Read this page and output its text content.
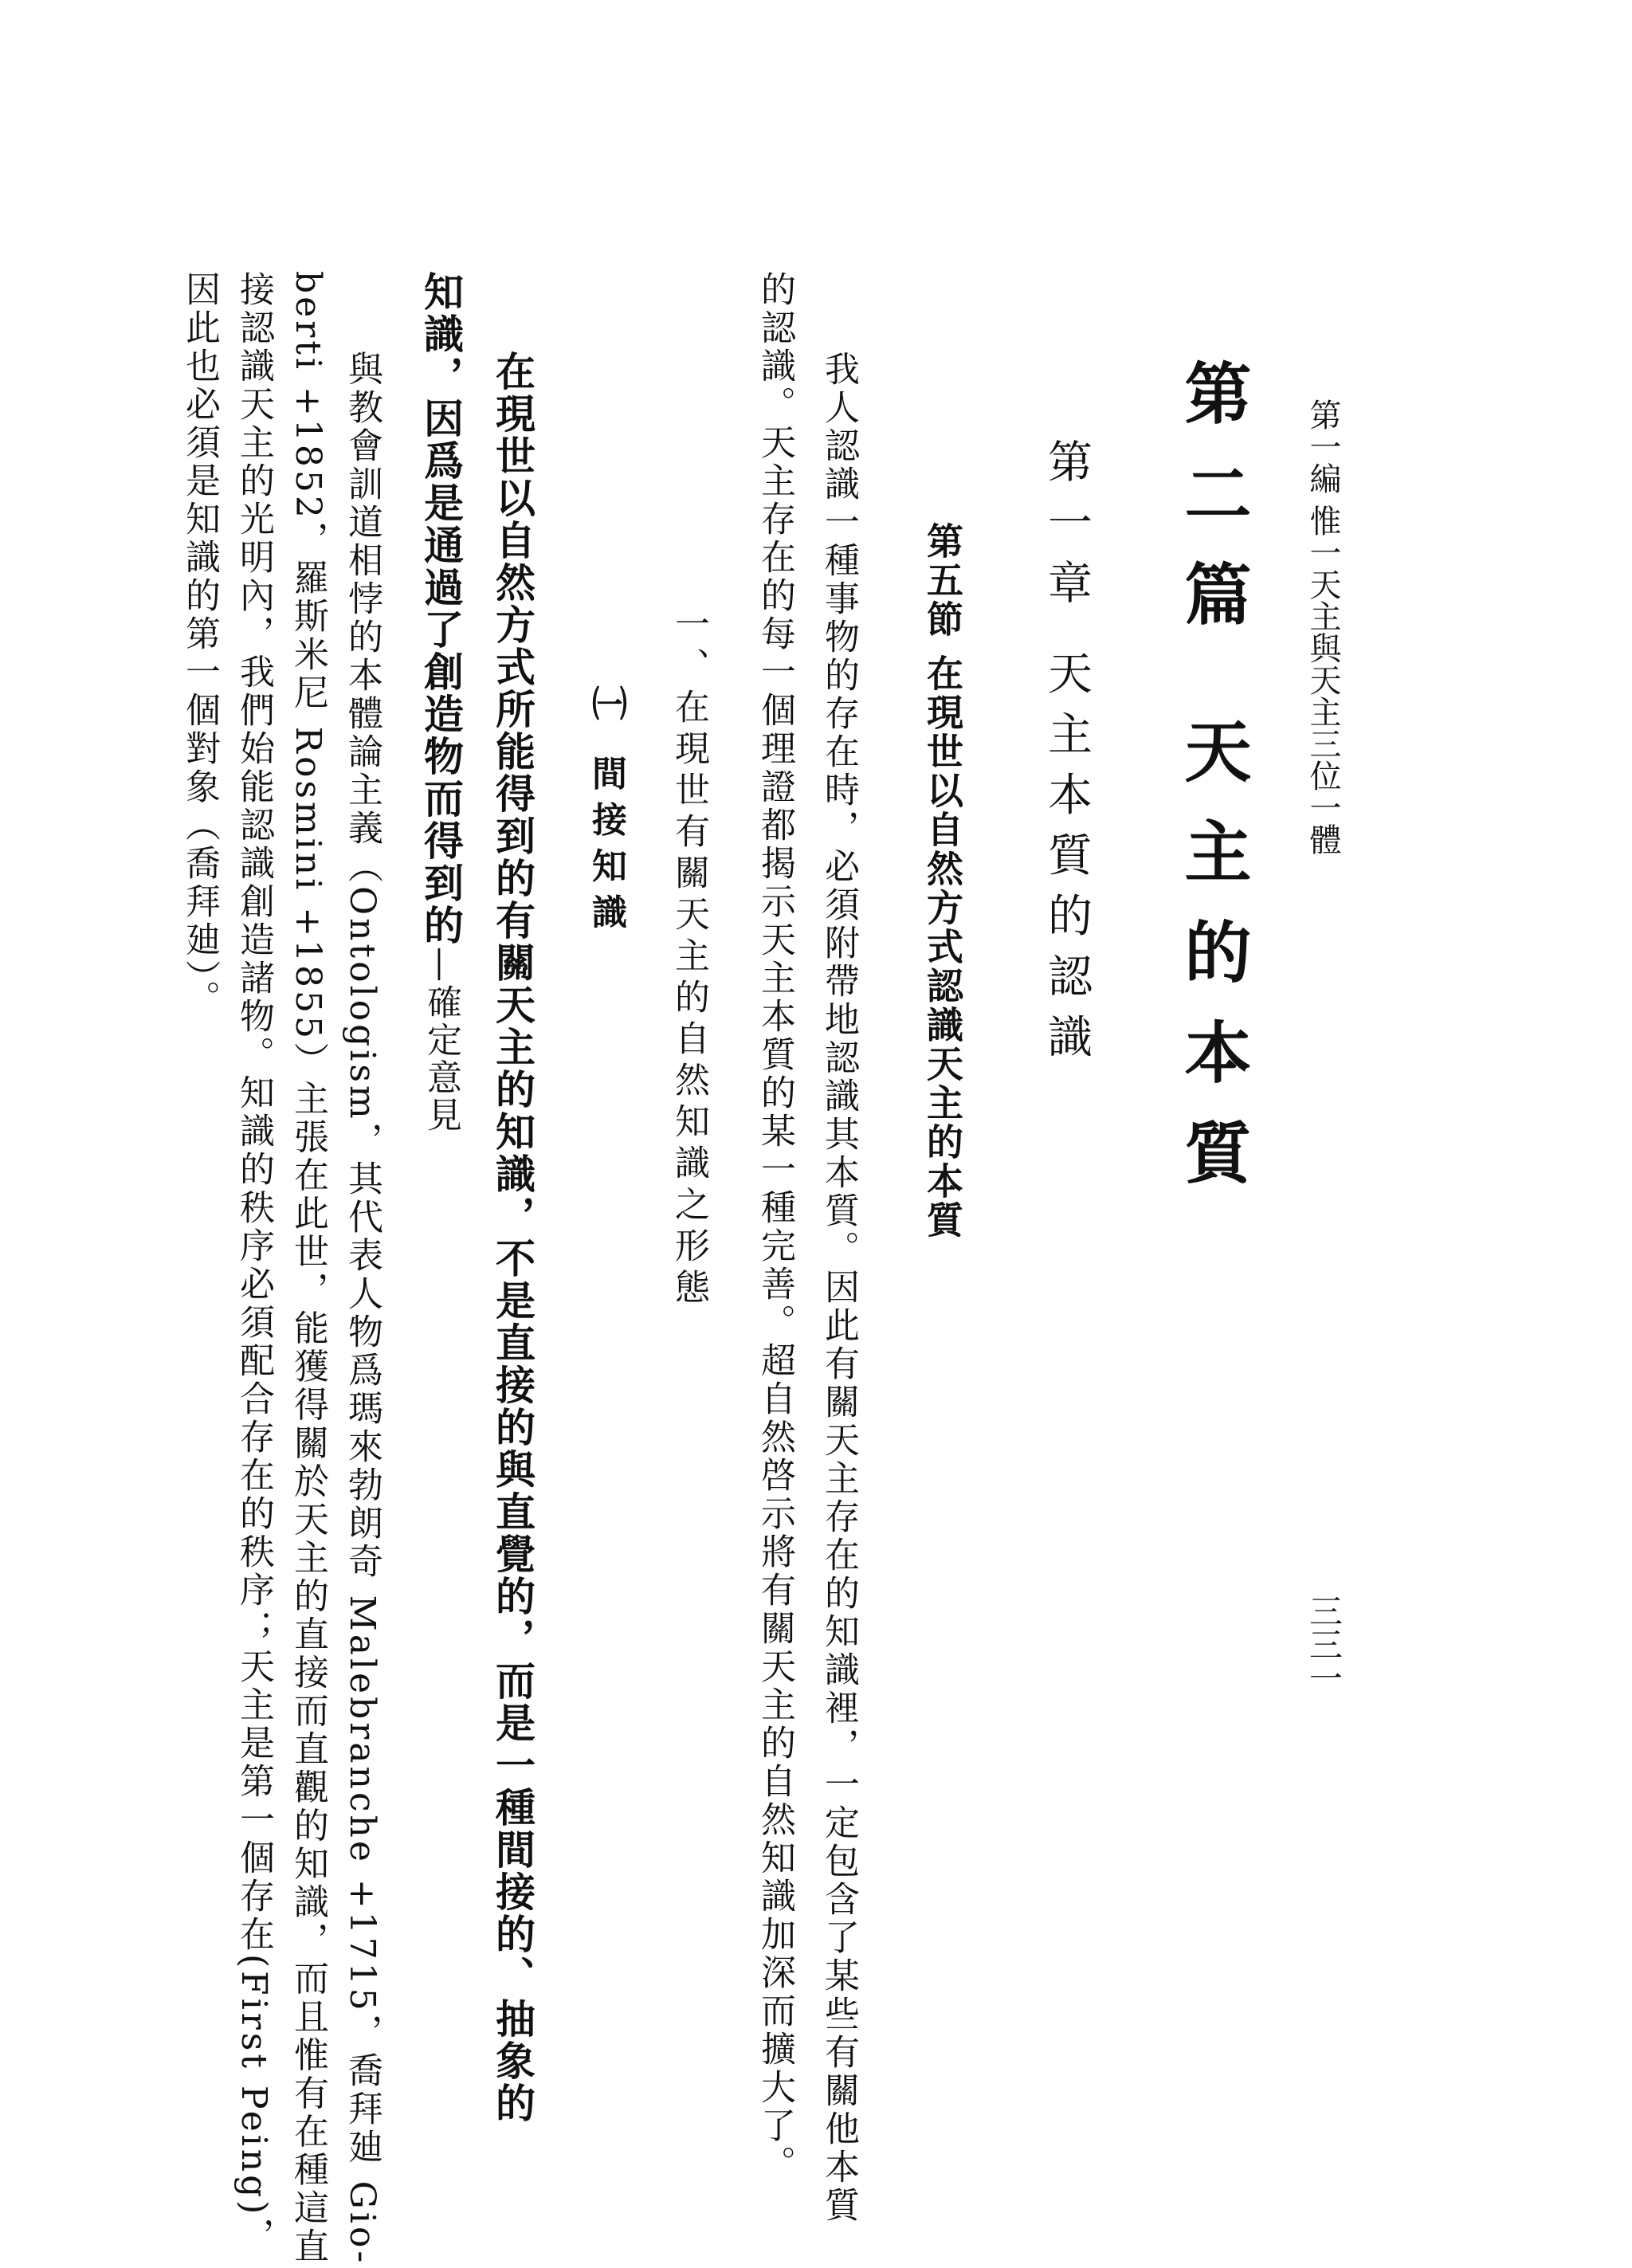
第一編 惟一天主與天主三位一體
三三一
第二篇 天主的本質
第一章 天主本質的認識
第五節 在現世以自然方式認識天主的本質
我人認識一種事物的存在時，必須附帶地認識其本質。因此有關天主存在的知識裡，一定包含了某些有關他本質
的認識。天主存在的每一個理證都揭示天主本質的某一種完善。超自然啓示將有關天主的自然知識加深而擴大了。
一、在現世有關天主的自然知識之形態
㈠ 間接知識
在現世以自然方式所能得到的有關天主的知識，不是直接的與直覺的，而是一種間接的、抽象的
知識，因爲是通過了創造物而得到的—確定意見
與教會訓道相悖的本體論主義（Ontologism，其代表人物爲瑪來勃朗奇 Malebranche +1715，喬拜廸 Gio-
berti +1852，羅斯米尼 Rosmini +1855）主張在此世，能獲得關於天主的直接而直觀的知識，而且惟有在種這直
接認識天主的光明內，我們始能認識創造諸物。知識的秩序必須配合存在的秩序；天主是第一個存在(First Peing)，
因此也必須是知識的第一個對象（喬拜廸）。
